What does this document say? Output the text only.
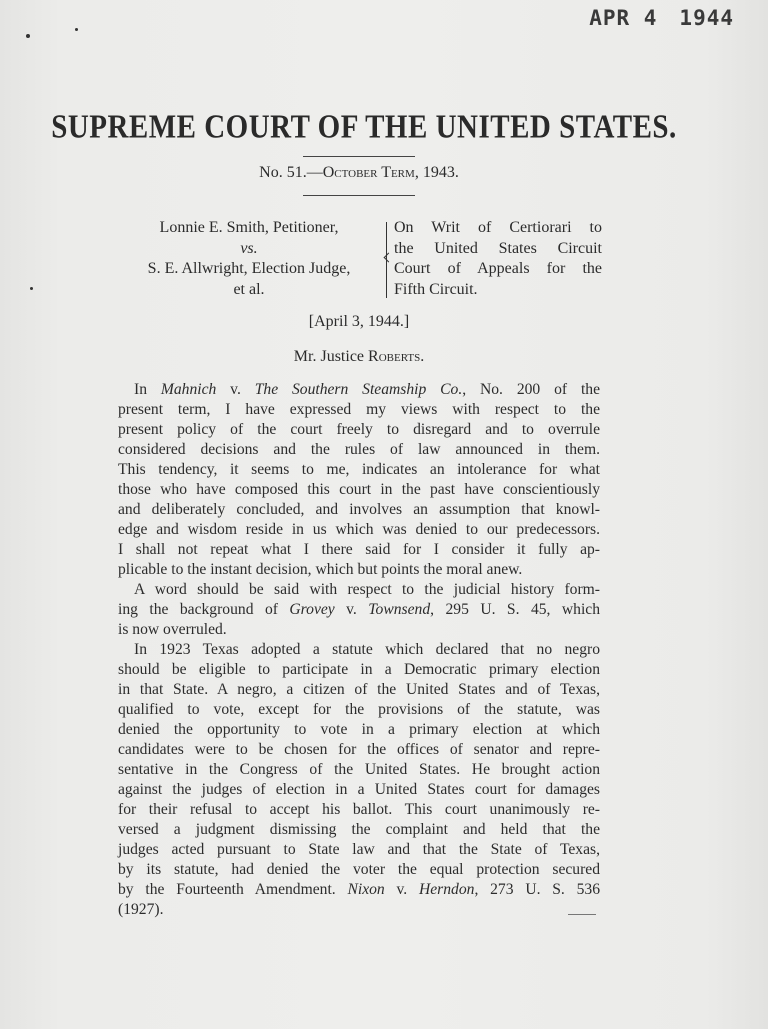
APR 4 1944
SUPREME COURT OF THE UNITED STATES.
No. 51.—October Term, 1943.
Lonnie E. Smith, Petitioner,
vs.
S. E. Allwright, Election Judge,
et al.
On Writ of Certiorari to
the United States Circuit
Court of Appeals for the
Fifth Circuit.
[April 3, 1944.]
Mr. Justice Roberts.
In Mahnich v. The Southern Steamship Co., No. 200 of the
present term, I have expressed my views with respect to the
present policy of the court freely to disregard and to overrule
considered decisions and the rules of law announced in them.
This tendency, it seems to me, indicates an intolerance for what
those who have composed this court in the past have conscientiously
and deliberately concluded, and involves an assumption that knowl-
edge and wisdom reside in us which was denied to our predecessors.
I shall not repeat what I there said for I consider it fully ap-
plicable to the instant decision, which but points the moral anew.
A word should be said with respect to the judicial history form-
ing the background of Grovey v. Townsend, 295 U. S. 45, which
is now overruled.
In 1923 Texas adopted a statute which declared that no negro
should be eligible to participate in a Democratic primary election
in that State. A negro, a citizen of the United States and of Texas,
qualified to vote, except for the provisions of the statute, was
denied the opportunity to vote in a primary election at which
candidates were to be chosen for the offices of senator and repre-
sentative in the Congress of the United States. He brought action
against the judges of election in a United States court for damages
for their refusal to accept his ballot. This court unanimously re-
versed a judgment dismissing the complaint and held that the
judges acted pursuant to State law and that the State of Texas,
by its statute, had denied the voter the equal protection secured
by the Fourteenth Amendment. Nixon v. Herndon, 273 U. S. 536
(1927).
